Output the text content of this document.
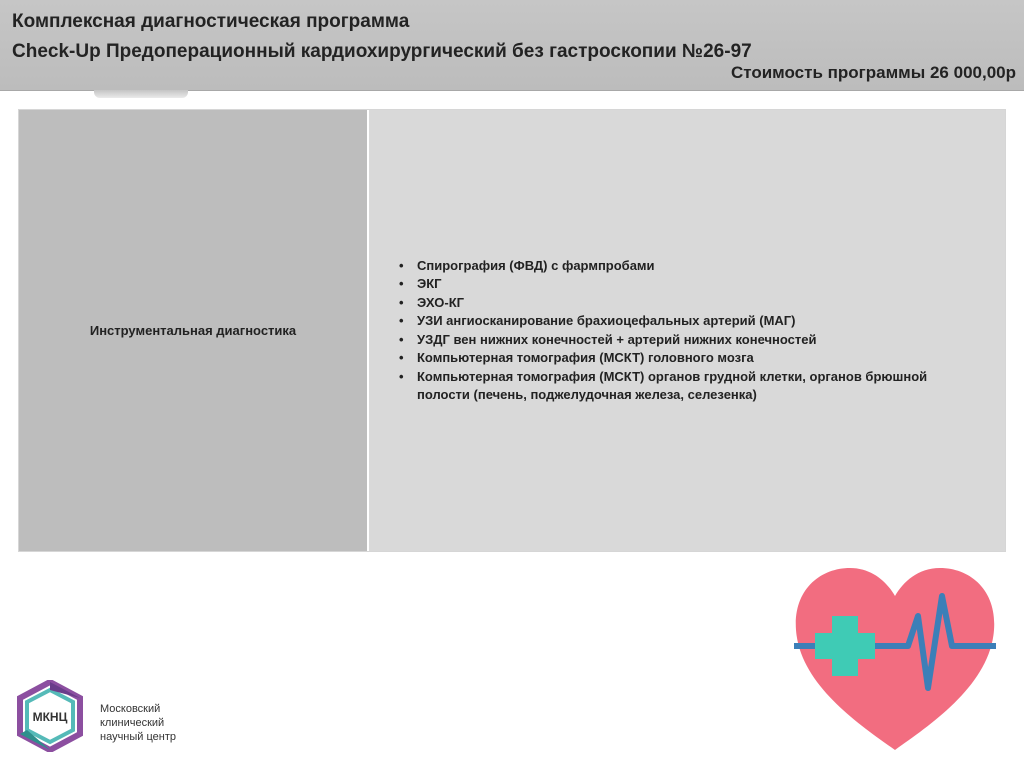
Комплексная диагностическая программа
Check-Up Предоперационный кардиохирургический без гастроскопии №26-97
Стоимость программы 26 000,00р
Инструментальная диагностика
• Спирография (ФВД) с фармпробами
• ЭКГ
• ЭХО-КГ
• УЗИ ангиосканирование брахиоцефальных артерий (МАГ)
• УЗДГ вен нижних конечностей + артерий нижних конечностей
• Компьютерная томография (МСКТ) головного мозга
• Компьютерная томография (МСКТ) органов грудной клетки, органов брюшной полости (печень, поджелудочная железа, селезенка)
МКНЦ
Московский
клинический
научный центр
